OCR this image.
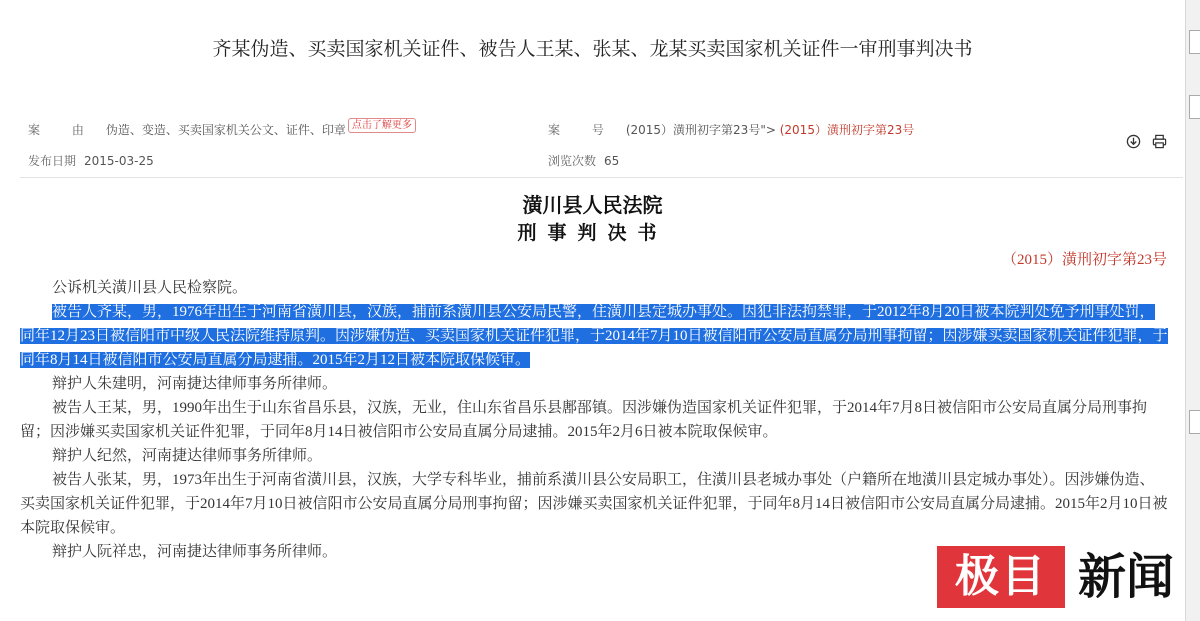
齐某伪造、买卖国家机关证件、被告人王某、张某、龙某买卖国家机关证件一审刑事判决书
案 由 伪造、变造、买卖国家机关公文、证件、印章 点击了解更多	案 号 (2015）潢刑初字第23号"> (2015）潢刑初字第23号
发布日期 2015-03-25	浏览次数 65

潢川县人民法院
刑事判决书
（2015）潢刑初字第23号

公诉机关潢川县人民检察院。

被告人齐某，男，1976年出生于河南省潢川县，汉族，捕前系潢川县公安局民警，住潢川县定城办事处。因犯非法拘禁罪，于2012年8月20日被本院判处免予刑事处罚，同年12月23日被信阳市中级人民法院维持原判。因涉嫌伪造、买卖国家机关证件犯罪，于2014年7月10日被信阳市公安局直属分局刑事拘留；因涉嫌买卖国家机关证件犯罪，于同年8月14日被信阳市公安局直属分局逮捕。2015年2月12日被本院取保候审。

辩护人朱建明，河南捷达律师事务所律师。

被告人王某，男，1990年出生于山东省昌乐县，汉族，无业，住山东省昌乐县鄌郚镇。因涉嫌伪造国家机关证件犯罪，于2014年7月8日被信阳市公安局直属分局刑事拘留；因涉嫌买卖国家机关证件犯罪，于同年8月14日被信阳市公安局直属分局逮捕。2015年2月6日被本院取保候审。

辩护人纪然，河南捷达律师事务所律师。

被告人张某，男，1973年出生于河南省潢川县，汉族，大学专科毕业，捕前系潢川县公安局职工，住潢川县老城办事处（户籍所在地潢川县定城办事处）。因涉嫌伪造、买卖国家机关证件犯罪，于2014年7月10日被信阳市公安局直属分局刑事拘留；因涉嫌买卖国家机关证件犯罪，于同年8月14日被信阳市公安局直属分局逮捕。2015年2月10日被本院取保候审。

辩护人阮祥忠，河南捷达律师事务所律师。	极目 新闻
